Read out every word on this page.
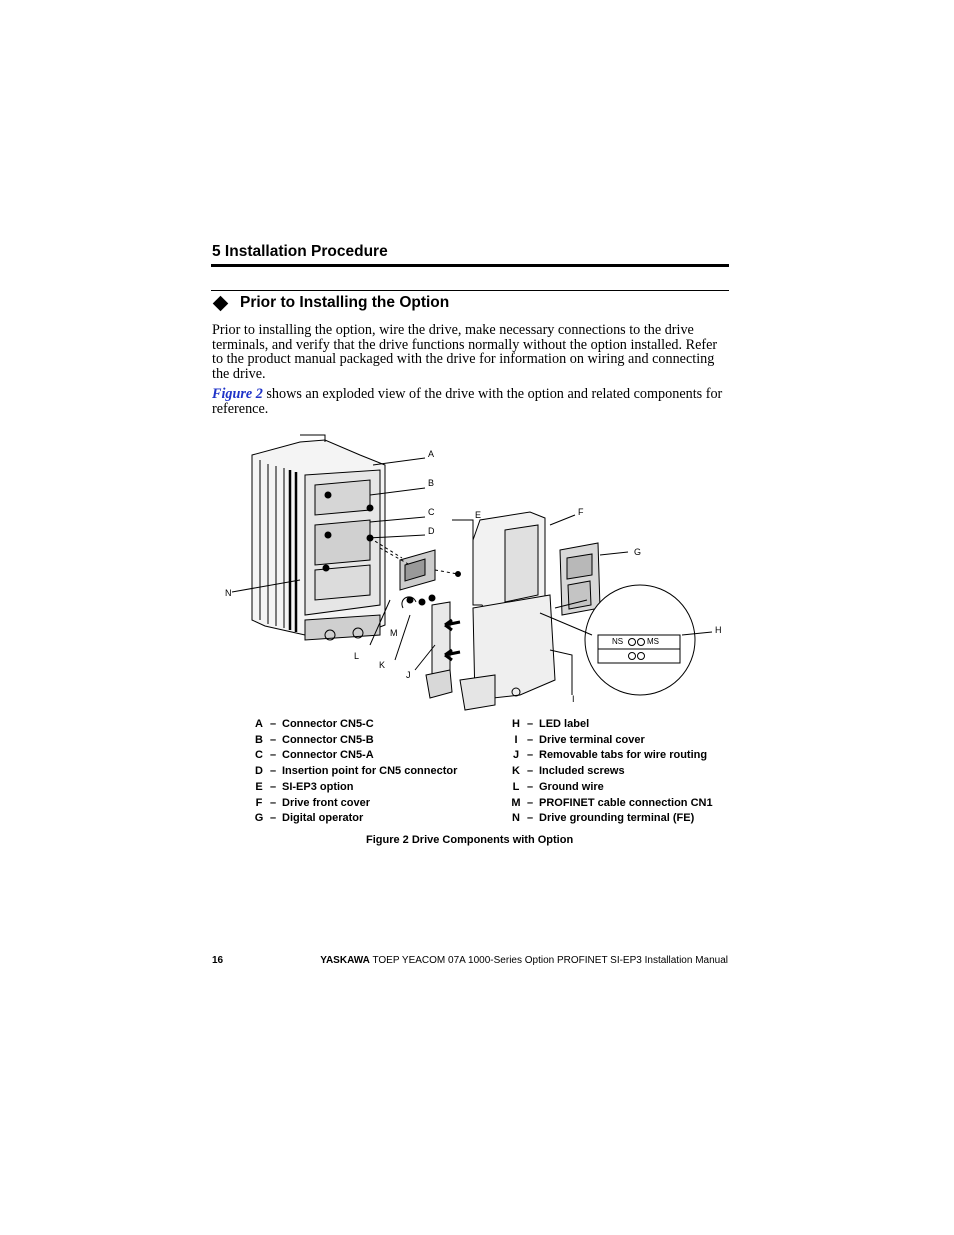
5 Installation Procedure
Prior to Installing the Option

Prior to installing the option, wire the drive, make necessary connections to the drive terminals, and verify that the drive functions normally without the option installed. Refer to the product manual packaged with the drive for information on wiring and connecting the drive.

Figure 2 shows an exploded view of the drive with the option and related components for reference.

A
B
C
D
E	F
G
H
I
J
K
L
M
N
NS	MS
A – Connector CN5-C
B – Connector CN5-B
C – Connector CN5-A
D – Insertion point for CN5 connector
E – SI-EP3 option
F – Drive front cover
G – Digital operator
H – LED label
I – Drive terminal cover
J – Removable tabs for wire routing
K – Included screws
L – Ground wire
M – PROFINET cable connection CN1
N – Drive grounding terminal (FE)
Figure 2 Drive Components with Option
16	YASKAWA TOEP YEACOM 07A 1000-Series Option PROFINET SI-EP3 Installation Manual
